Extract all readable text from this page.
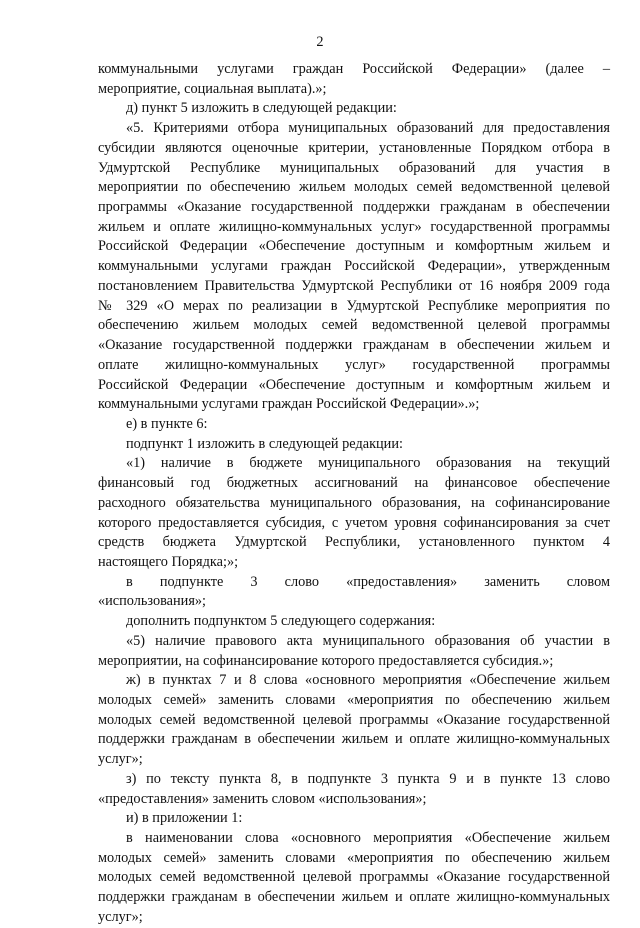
2
коммунальными услугами граждан Российской Федерации» (далее –
мероприятие, социальная выплата).»;
д) пункт 5 изложить в следующей редакции:
«5. Критериями отбора муниципальных образований для предоставления
субсидии являются оценочные критерии, установленные Порядком отбора в
Удмуртской Республике муниципальных образований для участия в
мероприятии по обеспечению жильем молодых семей ведомственной целевой
программы «Оказание государственной поддержки гражданам в обеспечении
жильем и оплате жилищно-коммунальных услуг» государственной программы
Российской Федерации «Обеспечение доступным и комфортным жильем и
коммунальными услугами граждан Российской Федерации», утвержденным
постановлением Правительства Удмуртской Республики от 16 ноября 2009 года
№ 329 «О мерах по реализации в Удмуртской Республике мероприятия по
обеспечению жильем молодых семей ведомственной целевой программы
«Оказание государственной поддержки гражданам в обеспечении жильем и
оплате жилищно-коммунальных услуг» государственной программы
Российской Федерации «Обеспечение доступным и комфортным жильем и
коммунальными услугами граждан Российской Федерации».»;
е) в пункте 6:
подпункт 1 изложить в следующей редакции:
«1) наличие в бюджете муниципального образования на текущий
финансовый год бюджетных ассигнований на финансовое обеспечение
расходного обязательства муниципального образования, на софинансирование
которого предоставляется субсидия, с учетом уровня софинансирования за счет
средств бюджета Удмуртской Республики, установленного пунктом 4
настоящего Порядка;»;
в подпункте 3 слово «предоставления» заменить словом
«использования»;
дополнить подпунктом 5 следующего содержания:
«5) наличие правового акта муниципального образования об участии в
мероприятии, на софинансирование которого предоставляется субсидия.»;
ж) в пунктах 7 и 8 слова «основного мероприятия «Обеспечение жильем
молодых семей» заменить словами «мероприятия по обеспечению жильем
молодых семей ведомственной целевой программы «Оказание государственной
поддержки гражданам в обеспечении жильем и оплате жилищно-коммунальных
услуг»;
з) по тексту пункта 8, в подпункте 3 пункта 9 и в пункте 13 слово
«предоставления» заменить словом «использования»;
и) в приложении 1:
в наименовании слова «основного мероприятия «Обеспечение жильем
молодых семей» заменить словами «мероприятия по обеспечению жильем
молодых семей ведомственной целевой программы «Оказание государственной
поддержки гражданам в обеспечении жильем и оплате жилищно-коммунальных
услуг»;
